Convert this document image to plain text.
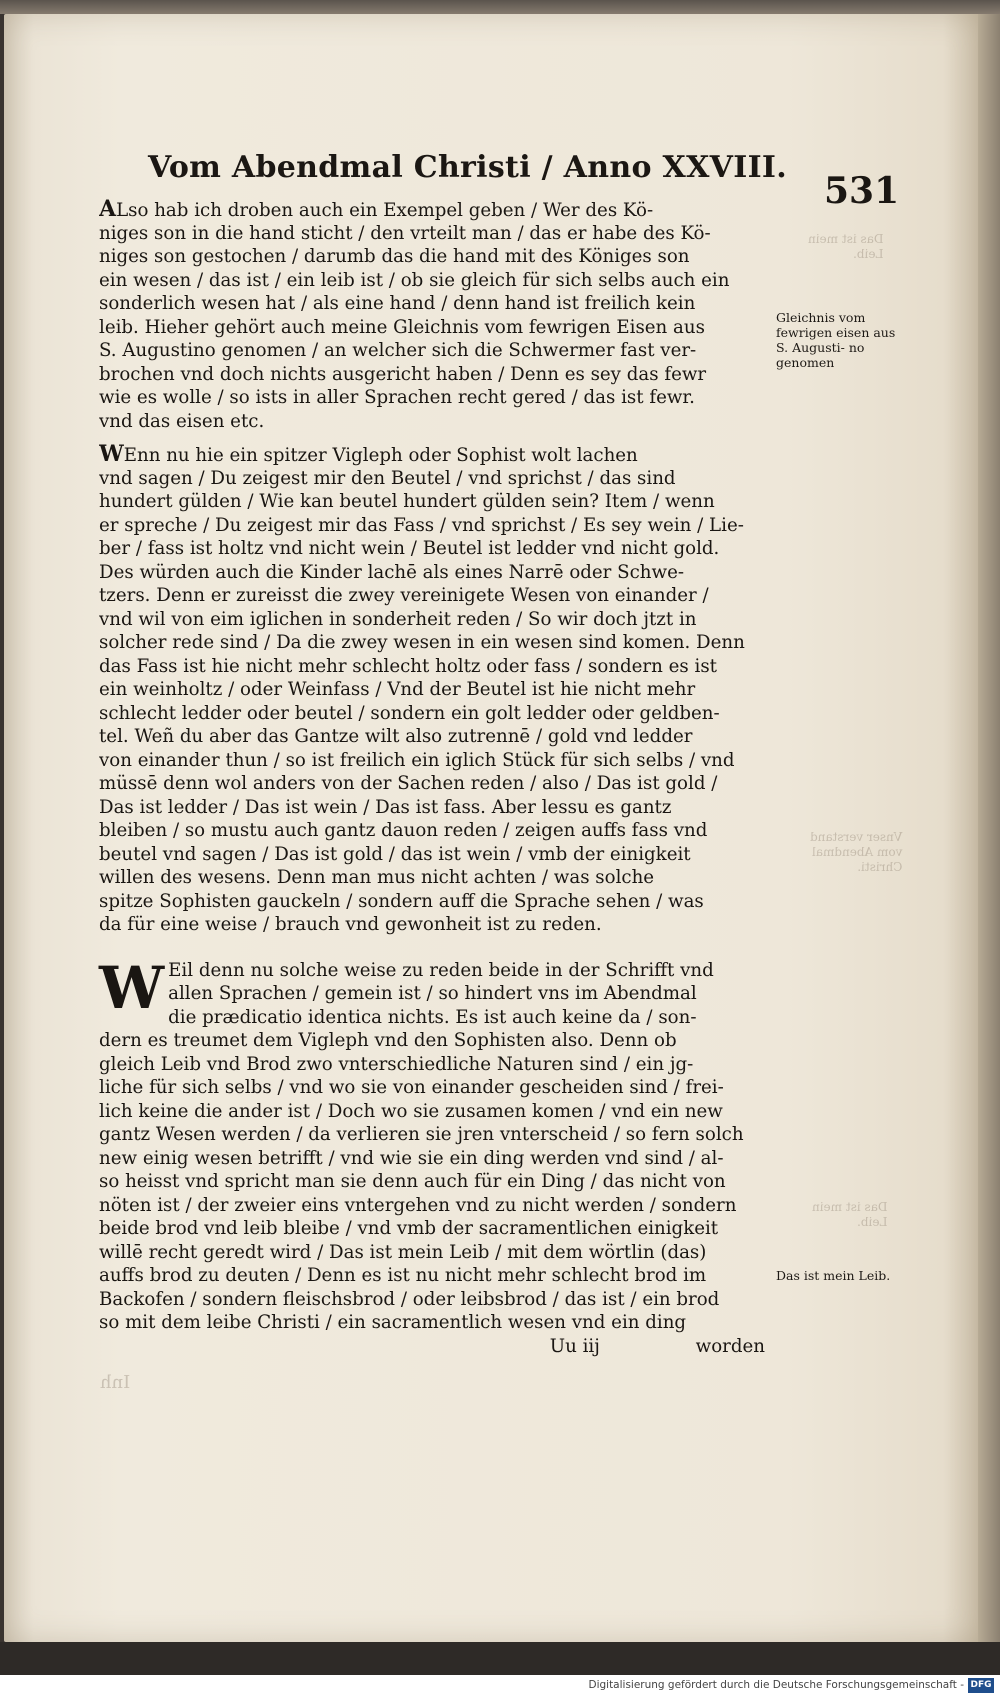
Das ist mein
Leib.
Vnser verstand
vom Abendmal
Christi.
Das ist mein
Leib.
Vom Abendmal Christi / Anno XXVIII.
531
Gleichnis vom fewrigen eisen aus S. Augusti- no genomen
Das ist mein Leib.
ALso hab ich droben auch ein Exempel geben / Wer des Kö-
niges son in die hand sticht / den vrteilt man / das er habe des Kö-
niges son gestochen / darumb das die hand mit des Königes son
ein wesen / das ist / ein leib ist / ob sie gleich für sich selbs auch ein
sonderlich wesen hat / als eine hand / denn hand ist freilich kein
leib. Hieher gehört auch meine Gleichnis vom fewrigen Eisen aus
S. Augustino genomen / an welcher sich die Schwermer fast ver-
brochen vnd doch nichts ausgericht haben / Denn es sey das fewr
wie es wolle / so ists in aller Sprachen recht gered / das ist fewr.
vnd das eisen etc.
WEnn nu hie ein spitzer Vigleph oder Sophist wolt lachen
vnd sagen / Du zeigest mir den Beutel / vnd sprichst / das sind
hundert gülden / Wie kan beutel hundert gülden sein? Item / wenn
er spreche / Du zeigest mir das Fass / vnd sprichst / Es sey wein / Lie-
ber / fass ist holtz vnd nicht wein / Beutel ist ledder vnd nicht gold.
Des würden auch die Kinder lachē als eines Narrē oder Schwe-
tzers. Denn er zureisst die zwey vereinigete Wesen von einander /
vnd wil von eim iglichen in sonderheit reden / So wir doch jtzt in
solcher rede sind / Da die zwey wesen in ein wesen sind komen. Denn
das Fass ist hie nicht mehr schlecht holtz oder fass / sondern es ist
ein weinholtz / oder Weinfass / Vnd der Beutel ist hie nicht mehr
schlecht ledder oder beutel / sondern ein golt ledder oder geldben-
tel. Weñ du aber das Gantze wilt also zutrennē / gold vnd ledder
von einander thun / so ist freilich ein iglich Stück für sich selbs / vnd
müssē denn wol anders von der Sachen reden / also / Das ist gold /
Das ist ledder / Das ist wein / Das ist fass. Aber lessu es gantz
bleiben / so mustu auch gantz dauon reden / zeigen auffs fass vnd
beutel vnd sagen / Das ist gold / das ist wein / vmb der einigkeit
willen des wesens. Denn man mus nicht achten / was solche
spitze Sophisten gauckeln / sondern auff die Sprache sehen / was
da für eine weise / brauch vnd gewonheit ist zu reden.
W Eil denn nu solche weise zu reden beide in der Schrifft vnd
allen Sprachen / gemein ist / so hindert vns im Abendmal
die prædicatio identica nichts. Es ist auch keine da / son-
dern es treumet dem Vigleph vnd den Sophisten also. Denn ob
gleich Leib vnd Brod zwo vnterschiedliche Naturen sind / ein jg-
liche für sich selbs / vnd wo sie von einander gescheiden sind / frei-
lich keine die ander ist / Doch wo sie zusamen komen / vnd ein new
gantz Wesen werden / da verlieren sie jren vnterscheid / so fern solch
new einig wesen betrifft / vnd wie sie ein ding werden vnd sind / al-
so heisst vnd spricht man sie denn auch für ein Ding / das nicht von
nöten ist / der zweier eins vntergehen vnd zu nicht werden / sondern
beide brod vnd leib bleibe / vnd vmb der sacramentlichen einigkeit
willē recht geredt wird / Das ist mein Leib / mit dem wörtlin (das)
auffs brod zu deuten / Denn es ist nu nicht mehr schlecht brod im
Backofen / sondern fleischsbrod / oder leibsbrod / das ist / ein brod
so mit dem leibe Christi / ein sacramentlich wesen vnd ein ding
Uu iij	worden
Inh
Digitalisierung gefördert durch die Deutsche Forschungsgemeinschaft - DFG
